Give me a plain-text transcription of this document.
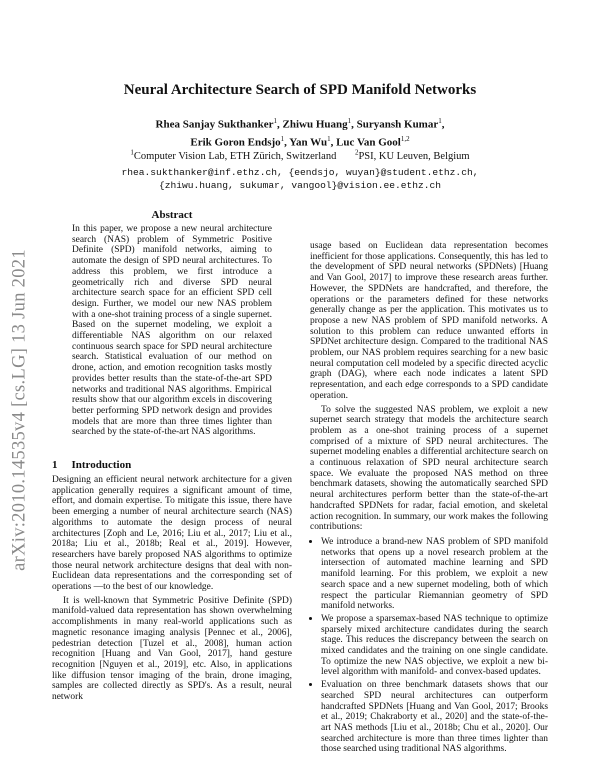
arXiv:2010.14535v4 [cs.LG] 13 Jun 2021
Neural Architecture Search of SPD Manifold Networks
Rhea Sanjay Sukthanker$^1$, Zhiwu Huang$^1$, Suryansh Kumar$^1$,
Erik Goron Endsjo$^1$, Yan Wu$^1$, Luc Van Gool$^{1,2}$
$^1$Computer Vision Lab, ETH Zürich, Switzerland	$^2$PSI, KU Leuven, Belgium
rhea.sukthanker@inf.ethz.ch, {eendsjo, wuyan}@student.ethz.ch,
{zhiwu.huang, sukumar, vangool}@vision.ee.ethz.ch
Abstract
In this paper, we propose a new neural architecture search (NAS) problem of Symmetric Positive Definite (SPD) manifold networks, aiming to automate the design of SPD neural architectures. To address this problem, we first introduce a geometrically rich and diverse SPD neural architecture search space for an efficient SPD cell design. Further, we model our new NAS problem with a one-shot training process of a single supernet. Based on the supernet modeling, we exploit a differentiable NAS algorithm on our relaxed continuous search space for SPD neural architecture search. Statistical evaluation of our method on drone, action, and emotion recognition tasks mostly provides better results than the state-of-the-art SPD networks and traditional NAS algorithms. Empirical results show that our algorithm excels in discovering better performing SPD network design and provides models that are more than three times lighter than searched by the state-of-the-art NAS algorithms.
1 Introduction

Designing an efficient neural network architecture for a given application generally requires a significant amount of time, effort, and domain expertise. To mitigate this issue, there have been emerging a number of neural architecture search (NAS) algorithms to automate the design process of neural architectures [Zoph and Le, 2016; Liu et al., 2017; Liu et al., 2018a; Liu et al., 2018b; Real et al., 2019]. However, researchers have barely proposed NAS algorithms to optimize those neural network architecture designs that deal with non-Euclidean data representations and the corresponding set of operations —to the best of our knowledge.

It is well-known that Symmetric Positive Definite (SPD) manifold-valued data representation has shown overwhelming accomplishments in many real-world applications such as magnetic resonance imaging analysis [Pennec et al., 2006], pedestrian detection [Tuzel et al., 2008], human action recognition [Huang and Van Gool, 2017], hand gesture recognition [Nguyen et al., 2019], etc. Also, in applications like diffusion tensor imaging of the brain, drone imaging, samples are collected directly as SPD's. As a result, neural network

usage based on Euclidean data representation becomes inefficient for those applications. Consequently, this has led to the development of SPD neural networks (SPDNets) [Huang and Van Gool, 2017] to improve these research areas further. However, the SPDNets are handcrafted, and therefore, the operations or the parameters defined for these networks generally change as per the application. This motivates us to propose a new NAS problem of SPD manifold networks. A solution to this problem can reduce unwanted efforts in SPDNet architecture design. Compared to the traditional NAS problem, our NAS problem requires searching for a new basic neural computation cell modeled by a specific directed acyclic graph (DAG), where each node indicates a latent SPD representation, and each edge corresponds to a SPD candidate operation.

To solve the suggested NAS problem, we exploit a new supernet search strategy that models the architecture search problem as a one-shot training process of a supernet comprised of a mixture of SPD neural architectures. The supernet modeling enables a differential architecture search on a continuous relaxation of SPD neural architecture search space. We evaluate the proposed NAS method on three benchmark datasets, showing the automatically searched SPD neural architectures perform better than the state-of-the-art handcrafted SPDNets for radar, facial emotion, and skeletal action recognition. In summary, our work makes the following contributions:

• We introduce a brand-new NAS problem of SPD manifold networks that opens up a novel research problem at the intersection of automated machine learning and SPD manifold learning. For this problem, we exploit a new search space and a new supernet modeling, both of which respect the particular Riemannian geometry of SPD manifold networks.
• We propose a sparsemax-based NAS technique to optimize sparsely mixed architecture candidates during the search stage. This reduces the discrepancy between the search on mixed candidates and the training on one single candidate. To optimize the new NAS objective, we exploit a new bi-level algorithm with manifold- and convex-based updates.
• Evaluation on three benchmark datasets shows that our searched SPD neural architectures can outperform handcrafted SPDNets [Huang and Van Gool, 2017; Brooks et al., 2019; Chakraborty et al., 2020] and the state-of-the-art NAS methods [Liu et al., 2018b; Chu et al., 2020]. Our searched architecture is more than three times lighter than those searched using traditional NAS algorithms.
